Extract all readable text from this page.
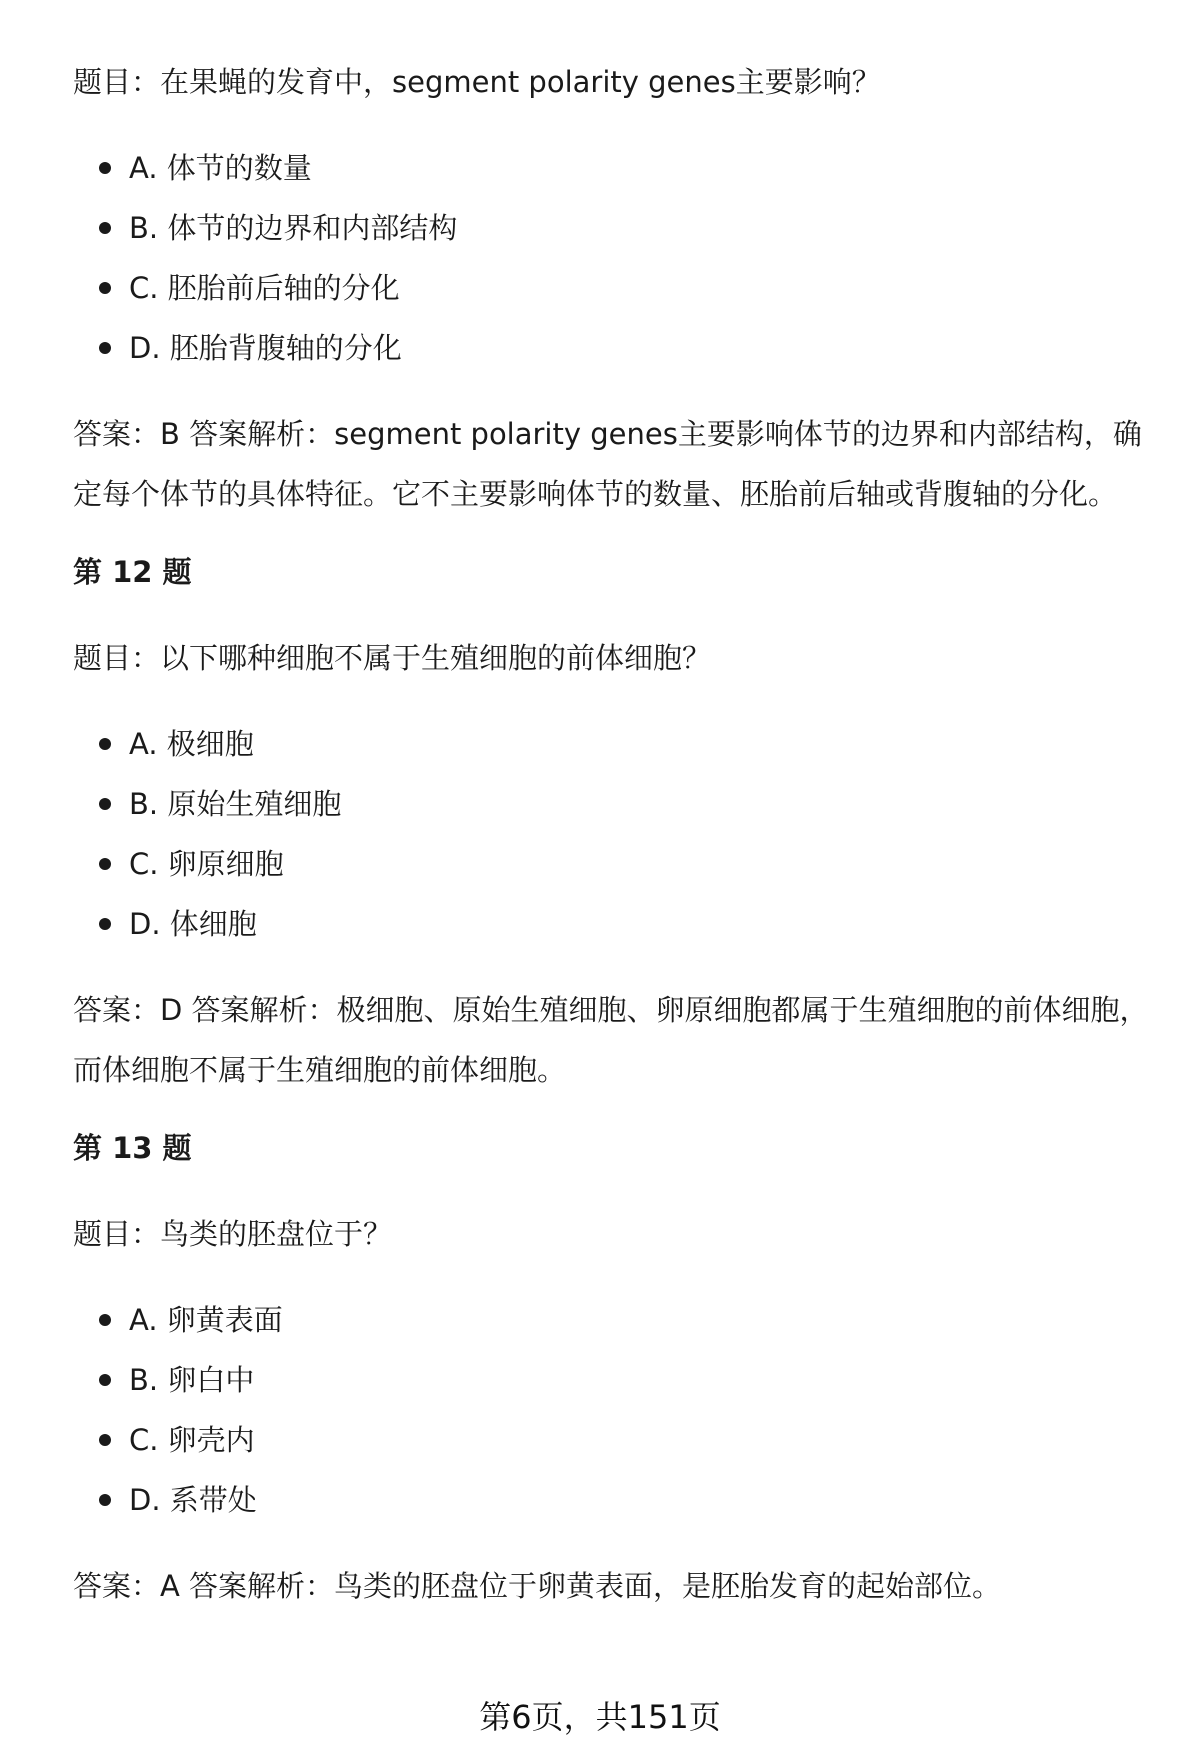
题目：在果蝇的发育中，segment polarity genes主要影响？

A. 体节的数量
B. 体节的边界和内部结构
C. 胚胎前后轴的分化
D. 胚胎背腹轴的分化

答案：B 答案解析：segment polarity genes主要影响体节的边界和内部结构，确定每个体节的具体特征。它不主要影响体节的数量、胚胎前后轴或背腹轴的分化。

第 12 题

题目：以下哪种细胞不属于生殖细胞的前体细胞？

A. 极细胞
B. 原始生殖细胞
C. 卵原细胞
D. 体细胞

答案：D 答案解析：极细胞、原始生殖细胞、卵原细胞都属于生殖细胞的前体细胞，而体细胞不属于生殖细胞的前体细胞。

第 13 题

题目：鸟类的胚盘位于？

A. 卵黄表面
B. 卵白中
C. 卵壳内
D. 系带处

答案：A 答案解析：鸟类的胚盘位于卵黄表面，是胚胎发育的起始部位。

第6页，共151页
